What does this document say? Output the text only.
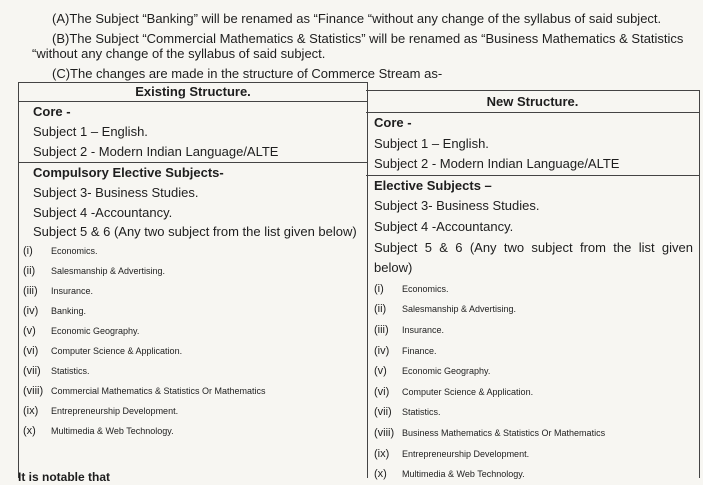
(A)The Subject “Banking” will be renamed as “Finance “without any change of the syllabus of said subject.
(B)The Subject “Commercial Mathematics & Statistics” will be renamed as “Business Mathematics & Statistics
“without any change of the syllabus of said subject.
(C)The changes are made in the structure of Commerce Stream as-
Existing Structure.
Core -
Subject 1 – English.
Subject 2 - Modern Indian Language/ALTE
Compulsory Elective Subjects-
Subject 3- Business Studies.
Subject 4 -Accountancy.
Subject 5 & 6 (Any two subject from the list given below)
(i) Economics.
(ii) Salesmanship & Advertising.
(iii) Insurance.
(iv) Banking.
(v) Economic Geography.
(vi) Computer Science & Application.
(vii) Statistics.
(viii) Commercial Mathematics & Statistics Or Mathematics
(ix) Entrepreneurship Development.
(x) Multimedia & Web Technology.
New Structure.
Core -
Subject 1 – English.
Subject 2 - Modern Indian Language/ALTE
Elective Subjects –
Subject 3- Business Studies.
Subject 4 -Accountancy.
Subject 5 & 6 (Any two subject from the list given below)
(i) Economics.
(ii) Salesmanship & Advertising.
(iii) Insurance.
(iv) Finance.
(v) Economic Geography.
(vi) Computer Science & Application.
(vii) Statistics.
(viii) Business Mathematics & Statistics Or Mathematics
(ix) Entrepreneurship Development.
(x) Multimedia & Web Technology.
It is notable that
